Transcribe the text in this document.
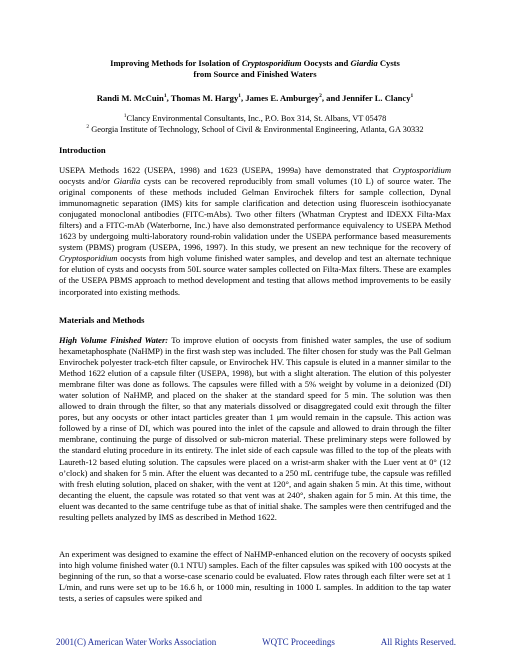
Improving Methods for Isolation of Cryptosporidium Oocysts and Giardia Cysts
from Source and Finished Waters
Randi M. McCuin$^1$, Thomas M. Hargy$^1$, James E. Amburgey$^2$, and Jennifer L. Clancy$^1$
$^1$Clancy Environmental Consultants, Inc., P.O. Box 314, St. Albans, VT 05478
$^2$ Georgia Institute of Technology, School of Civil & Environmental Engineering, Atlanta, GA 30332
Introduction
USEPA Methods 1622 (USEPA, 1998) and 1623 (USEPA, 1999a) have demonstrated that Cryptosporidium oocysts and/or Giardia cysts can be recovered reproducibly from small volumes (10 L) of source water. The original components of these methods included Gelman Envirochek filters for sample collection, Dynal immunomagnetic separation (IMS) kits for sample clarification and detection using fluorescein isothiocyanate conjugated monoclonal antibodies (FITC-mAbs). Two other filters (Whatman Cryptest and IDEXX Filta-Max filters) and a FITC-mAb (Waterborne, Inc.) have also demonstrated performance equivalency to USEPA Method 1623 by undergoing multi-laboratory round-robin validation under the USEPA performance based measurements system (PBMS) program (USEPA, 1996, 1997). In this study, we present an new technique for the recovery of Cryptosporidium oocysts from high volume finished water samples, and develop and test an alternate technique for elution of cysts and oocysts from 50L source water samples collected on Filta-Max filters. These are examples of the USEPA PBMS approach to method development and testing that allows method improvements to be easily incorporated into existing methods.
Materials and Methods
High Volume Finished Water: To improve elution of oocysts from finished water samples, the use of sodium hexametaphosphate (NaHMP) in the first wash step was included. The filter chosen for study was the Pall Gelman Envirochek polyester track-etch filter capsule, or Envirochek HV. This capsule is eluted in a manner similar to the Method 1622 elution of a capsule filter (USEPA, 1998), but with a slight alteration. The elution of this polyester membrane filter was done as follows. The capsules were filled with a 5% weight by volume in a deionized (DI) water solution of NaHMP, and placed on the shaker at the standard speed for 5 min. The solution was then allowed to drain through the filter, so that any materials dissolved or disaggregated could exit through the filter pores, but any oocysts or other intact particles greater than 1 μm would remain in the capsule. This action was followed by a rinse of DI, which was poured into the inlet of the capsule and allowed to drain through the filter membrane, continuing the purge of dissolved or sub-micron material. These preliminary steps were followed by the standard eluting procedure in its entirety. The inlet side of each capsule was filled to the top of the pleats with Laureth-12 based eluting solution. The capsules were placed on a wrist-arm shaker with the Luer vent at 0° (12 o’clock) and shaken for 5 min. After the eluent was decanted to a 250 mL centrifuge tube, the capsule was refilled with fresh eluting solution, placed on shaker, with the vent at 120°, and again shaken 5 min. At this time, without decanting the eluent, the capsule was rotated so that vent was at 240°, shaken again for 5 min. At this time, the eluent was decanted to the same centrifuge tube as that of initial shake. The samples were then centrifuged and the resulting pellets analyzed by IMS as described in Method 1622.
An experiment was designed to examine the effect of NaHMP-enhanced elution on the recovery of oocysts spiked into high volume finished water (0.1 NTU) samples. Each of the filter capsules was spiked with 100 oocysts at the beginning of the run, so that a worse-case scenario could be evaluated. Flow rates through each filter were set at 1 L/min, and runs were set up to be 16.6 h, or 1000 min, resulting in 1000 L samples. In addition to the tap water tests, a series of capsules were spiked and
2001(C) American Water Works Association	WQTC Proceedings	All Rights Reserved.
